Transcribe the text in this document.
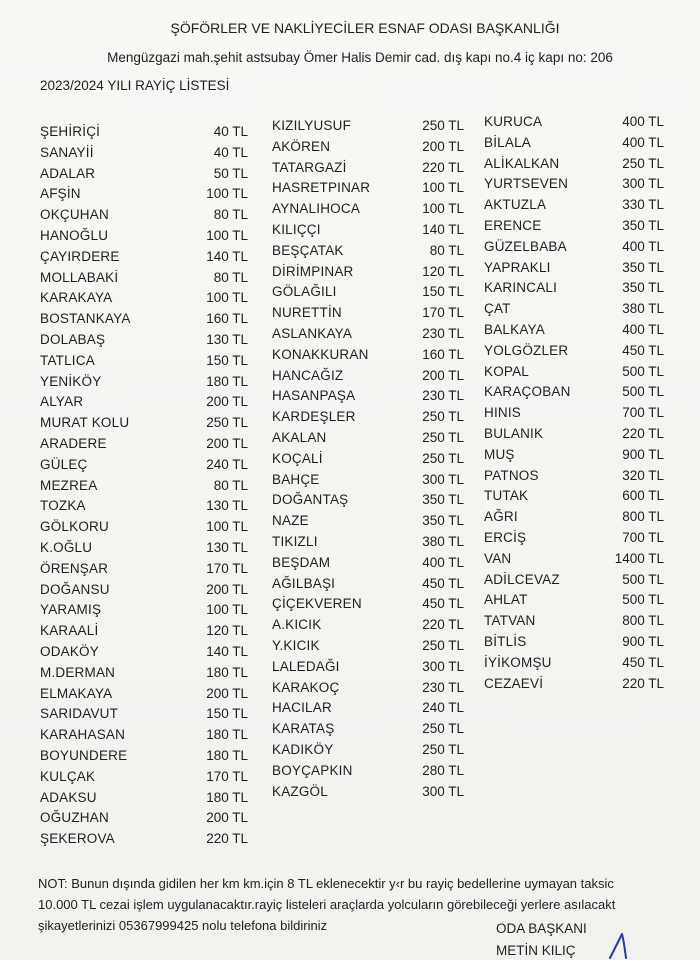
ŞÖFÖRLER VE NAKLİYECİLER ESNAF ODASI BAŞKANLIĞI
Mengüzgazi mah.şehit astsubay Ömer Halis Demir cad. dış kapı no.4 iç kapı no: 206
2023/2024 YILI RAYİÇ LİSTESİ
ŞEHİRİÇİ	40 TL
SANAYİİ	40 TL
ADALAR	50 TL
AFŞİN	100 TL
OKÇUHAN	80 TL
HANOĞLU	100 TL
ÇAYIRDERE	140 TL
MOLLABAKİ	80 TL
KARAKAYA	100 TL
BOSTANKAYA	160 TL
DOLABAŞ	130 TL
TATLICA	150 TL
YENİKÖY	180 TL
ALYAR	200 TL
MURAT KOLU	250 TL
ARADERE	200 TL
GÜLEÇ	240 TL
MEZREA	80 TL
TOZKA	130 TL
GÖLKORU	100 TL
K.OĞLU	130 TL
ÖRENŞAR	170 TL
DOĞANSU	200 TL
YARAMIŞ	100 TL
KARAALİ	120 TL
ODAKÖY	140 TL
M.DERMAN	180 TL
ELMAKAYA	200 TL
SARIDAVUT	150 TL
KARAHASAN	180 TL
BOYUNDERE	180 TL
KULÇAK	170 TL
ADAKSU	180 TL
OĞUZHAN	200 TL
ŞEKEROVA	220 TL
KIZILYUSUF	250 TL
AKÖREN	200 TL
TATARGAZİ	220 TL
HASRETPINAR	100 TL
AYNALIHOCA	100 TL
KILIÇÇI	140 TL
BEŞÇATAK	80 TL
DİRİMPINAR	120 TL
GÖLAĞILI	150 TL
NURETTİN	170 TL
ASLANKAYA	230 TL
KONAKKURAN	160 TL
HANCAĞIZ	200 TL
HASANPAŞA	230 TL
KARDEŞLER	250 TL
AKALAN	250 TL
KOÇALİ	250 TL
BAHÇE	300 TL
DOĞANTAŞ	350 TL
NAZE	350 TL
TIKIZLI	380 TL
BEŞDAM	400 TL
AĞILBAŞI	450 TL
ÇİÇEKVEREN	450 TL
A.KICIK	220 TL
Y.KICIK	250 TL
LALEDAĞI	300 TL
KARAKOÇ	230 TL
HACILAR	240 TL
KARATAŞ	250 TL
KADIKÖY	250 TL
BOYÇAPKIN	280 TL
KAZGÖL	300 TL
KURUCA	400 TL
BİLALA	400 TL
ALİKALKAN	250 TL
YURTSEVEN	300 TL
AKTUZLA	330 TL
ERENCE	350 TL
GÜZELBABA	400 TL
YAPRAKLI	350 TL
KARINCALI	350 TL
ÇAT	380 TL
BALKAYA	400 TL
YOLGÖZLER	450 TL
KOPAL	500 TL
KARAÇOBAN	500 TL
HINIS	700 TL
BULANIK	220 TL
MUŞ	900 TL
PATNOS	320 TL
TUTAK	600 TL
AĞRI	800 TL
ERCİŞ	700 TL
VAN	1400 TL
ADİLCEVAZ	500 TL
AHLAT	500 TL
TATVAN	800 TL
BİTLİS	900 TL
İYİKOMŞU	450 TL
CEZAEVİ	220 TL
NOT: Bunun dışında gidilen her km km.için 8 TL eklenecektir y‹r bu rayiç bedellerine uymayan taksic
10.000 TL cezai işlem uygulanacaktır.rayiç listeleri araçlarda yolcuların görebileceği yerlere asılacakt
şikayetlerinizi 05367999425 nolu telefona bildiriniz	ODA BAŞKANI
METİN KILIÇ
